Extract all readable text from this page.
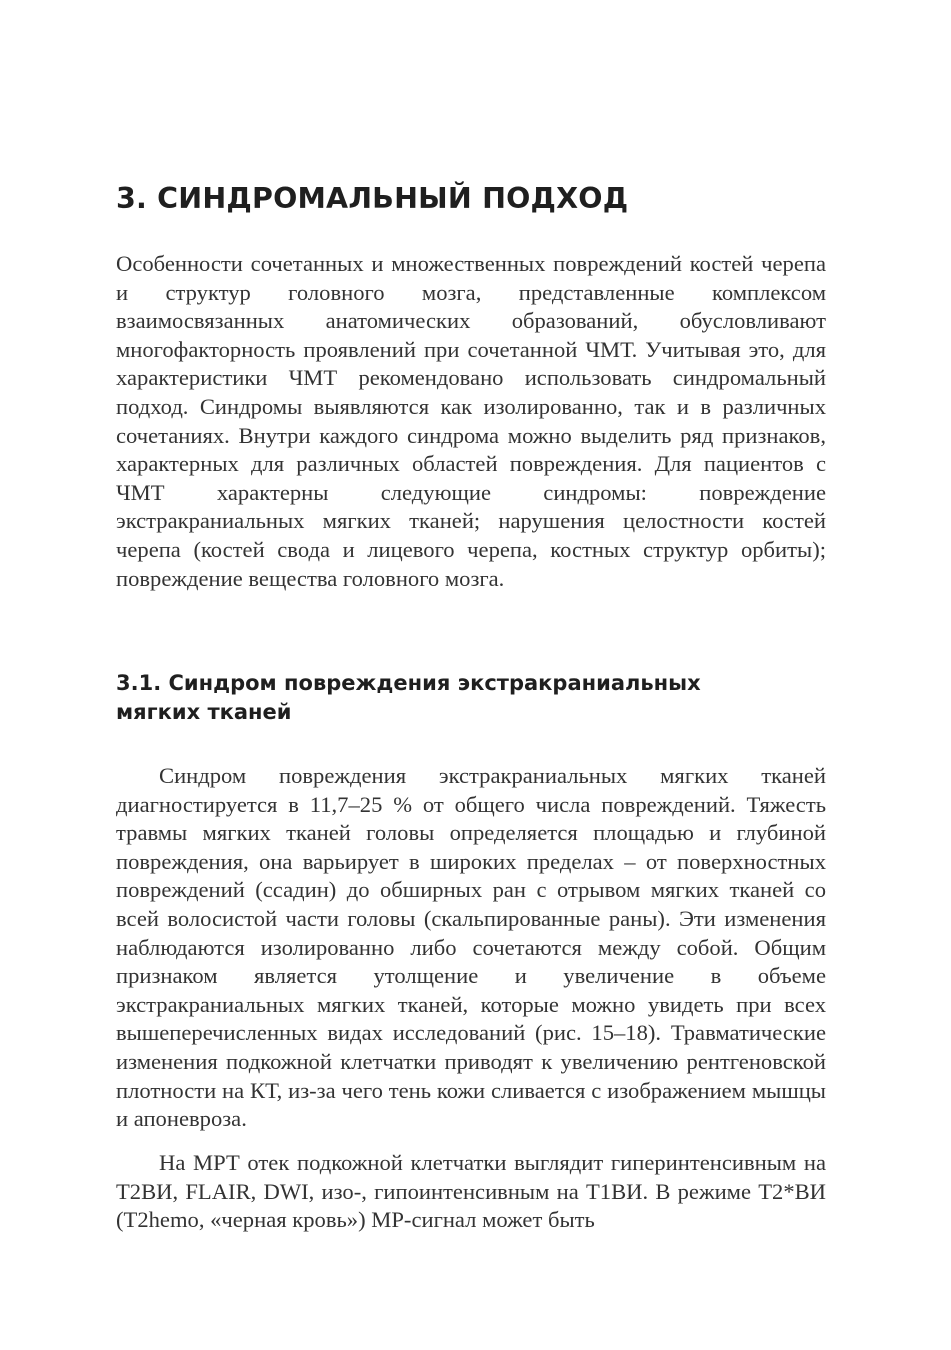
3. СИНДРОМАЛЬНЫЙ ПОДХОД

Особенности сочетанных и множественных повреждений костей черепа и структур головного мозга, представленные комплексом взаимосвязанных анатомических образований, обусловливают многофакторность проявлений при сочетанной ЧМТ. Учитывая это, для характеристики ЧМТ рекомендовано использовать синдромальный подход. Синдромы выявляются как изолированно, так и в различных сочетаниях. Внутри каждого синдрома можно выделить ряд признаков, характерных для различных областей повреждения. Для пациентов с ЧМТ характерны следующие синдромы: повреждение экстракраниальных мягких тканей; нарушения целостности костей черепа (костей свода и лицевого черепа, костных структур орбиты); повреждение вещества головного мозга.

3.1. Синдром повреждения экстракраниальных
мягких тканей

Синдром повреждения экстракраниальных мягких тканей диагностируется в 11,7–25 % от общего числа повреждений. Тяжесть травмы мягких тканей головы определяется площадью и глубиной повреждения, она варьирует в широких пределах – от поверхностных повреждений (ссадин) до обширных ран с отрывом мягких тканей со всей волосистой части головы (скальпированные раны). Эти изменения наблюдаются изолированно либо сочетаются между собой. Общим признаком является утолщение и увеличение в объеме экстракраниальных мягких тканей, которые можно увидеть при всех вышеперечисленных видах исследований (рис. 15–18). Травматические изменения подкожной клетчатки приводят к увеличению рентгеновской плотности на КТ, из-за чего тень кожи сливается с изображением мышцы и апоневроза.

На МРТ отек подкожной клетчатки выглядит гиперинтенсивным на T2ВИ, FLAIR, DWI, изо-, гипоинтенсивным на T1ВИ. В режиме T2*ВИ (T2hemo, «черная кровь») МР-сигнал может быть
